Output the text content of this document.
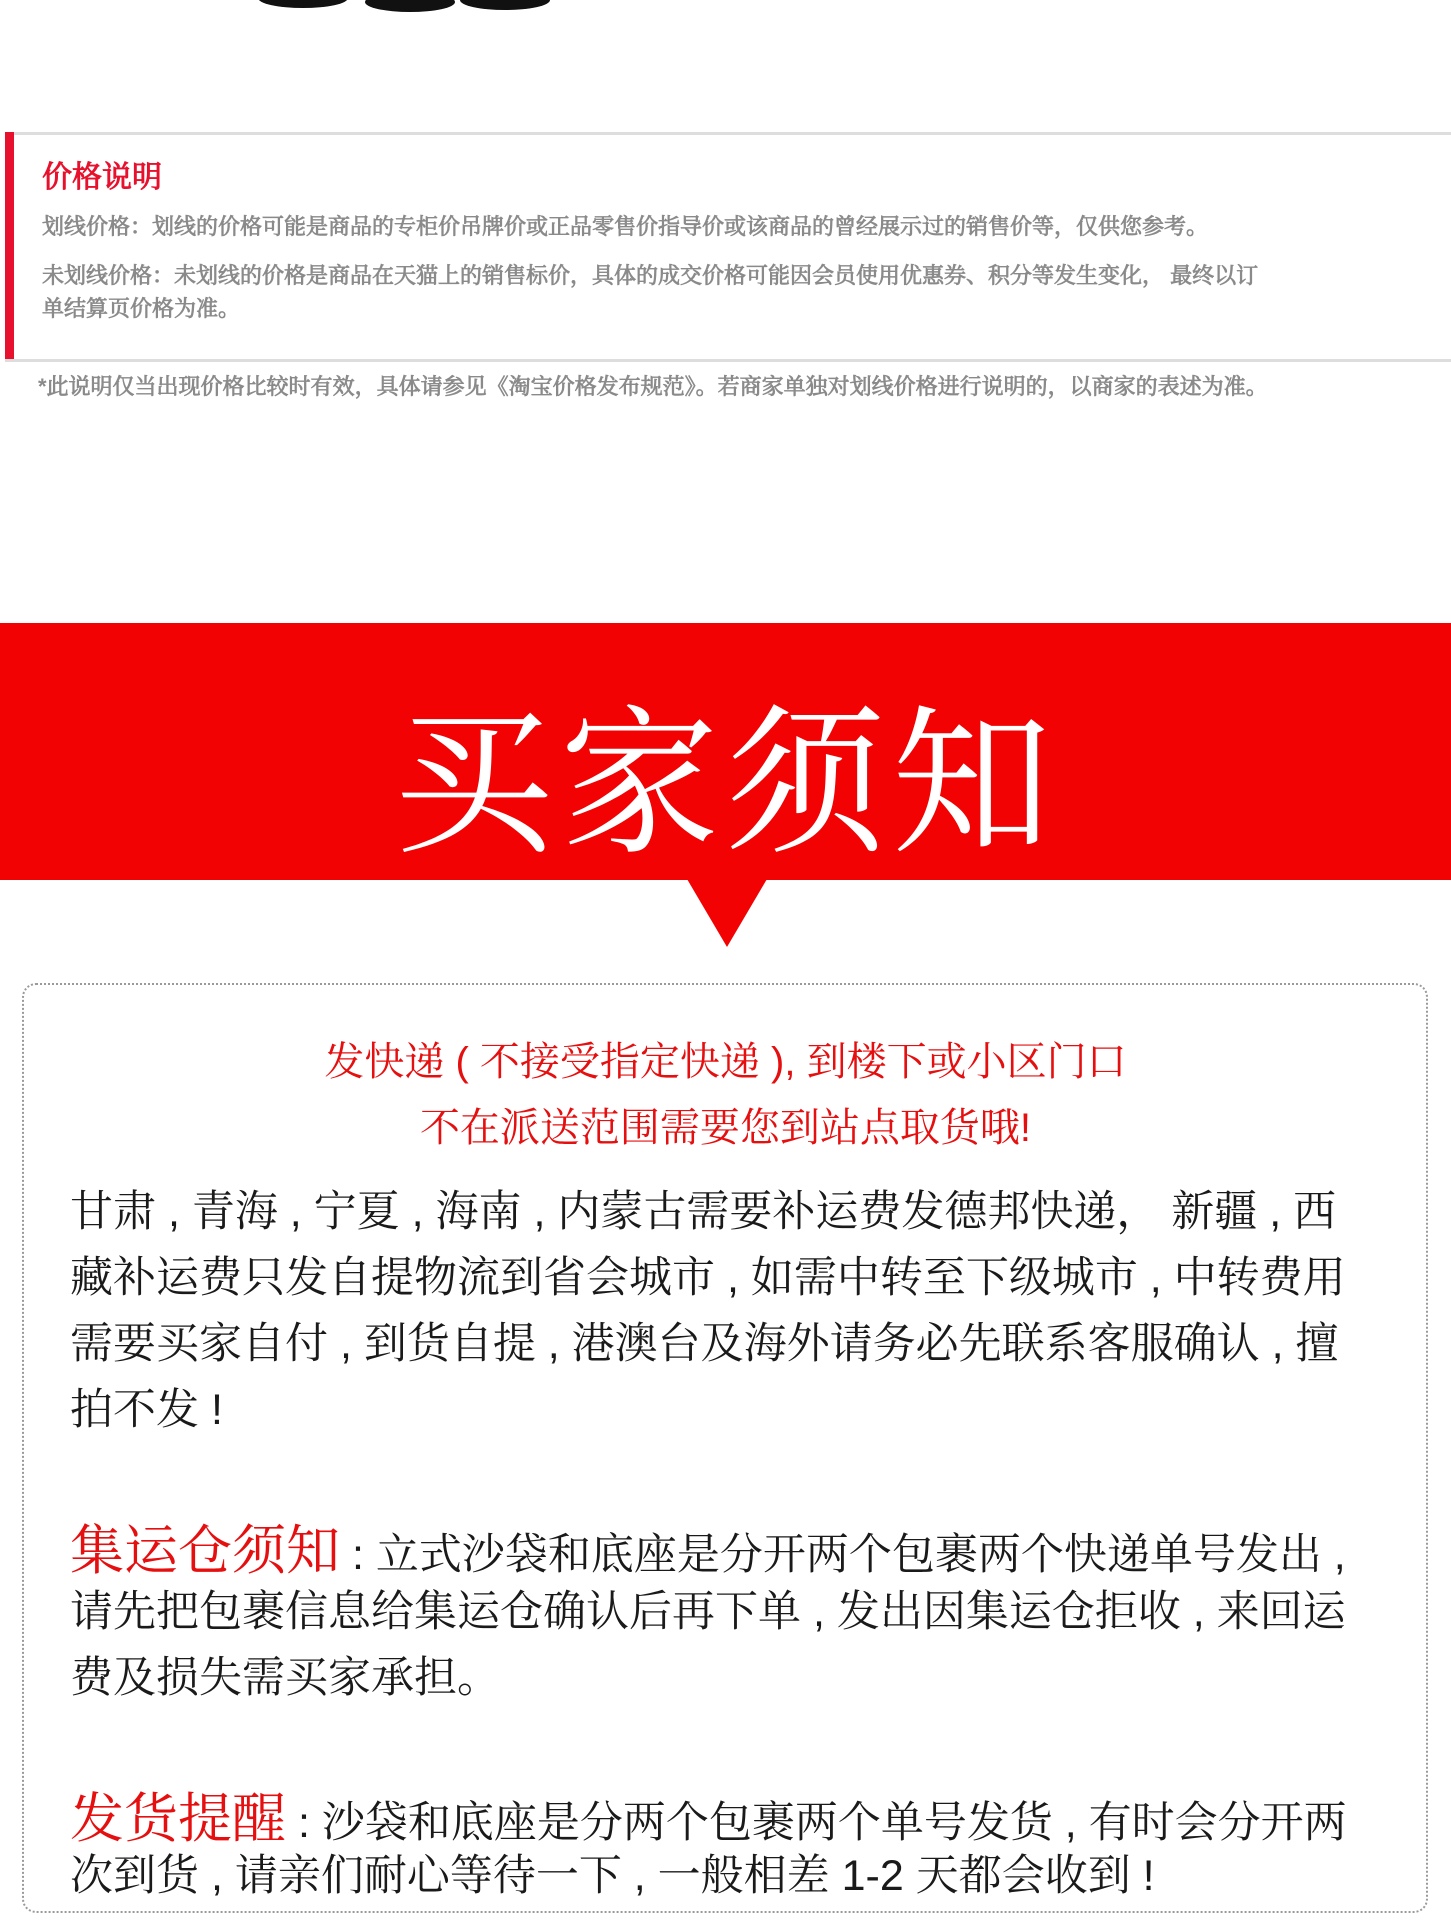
价格说明
划线价格：划线的价格可能是商品的专柜价吊牌价或正品零售价指导价或该商品的曾经展示过的销售价等，仅供您参考。
未划线价格：未划线的价格是商品在天猫上的销售标价，具体的成交价格可能因会员使用优惠券、积分等发生变化， 最终以订
单结算页价格为准。
*此说明仅当出现价格比较时有效，具体请参见《淘宝价格发布规范》。若商家单独对划线价格进行说明的，以商家的表述为准。
买家须知
发快递 ( 不接受指定快递 ), 到楼下或小区门口
不在派送范围需要您到站点取货哦!
甘肃 , 青海 , 宁夏 , 海南 , 内蒙古需要补运费发德邦快递， 新疆 , 西
藏补运费只发自提物流到省会城市 , 如需中转至下级城市 , 中转费用
需要买家自付 , 到货自提 , 港澳台及海外请务必先联系客服确认 , 擅
拍不发 !
集运仓须知 : 立式沙袋和底座是分开两个包裹两个快递单号发出 ,
请先把包裹信息给集运仓确认后再下单 , 发出因集运仓拒收 , 来回运
费及损失需买家承担。
发货提醒 : 沙袋和底座是分两个包裹两个单号发货 , 有时会分开两
次到货 , 请亲们耐心等待一下 , 一般相差 1-2 天都会收到 !
